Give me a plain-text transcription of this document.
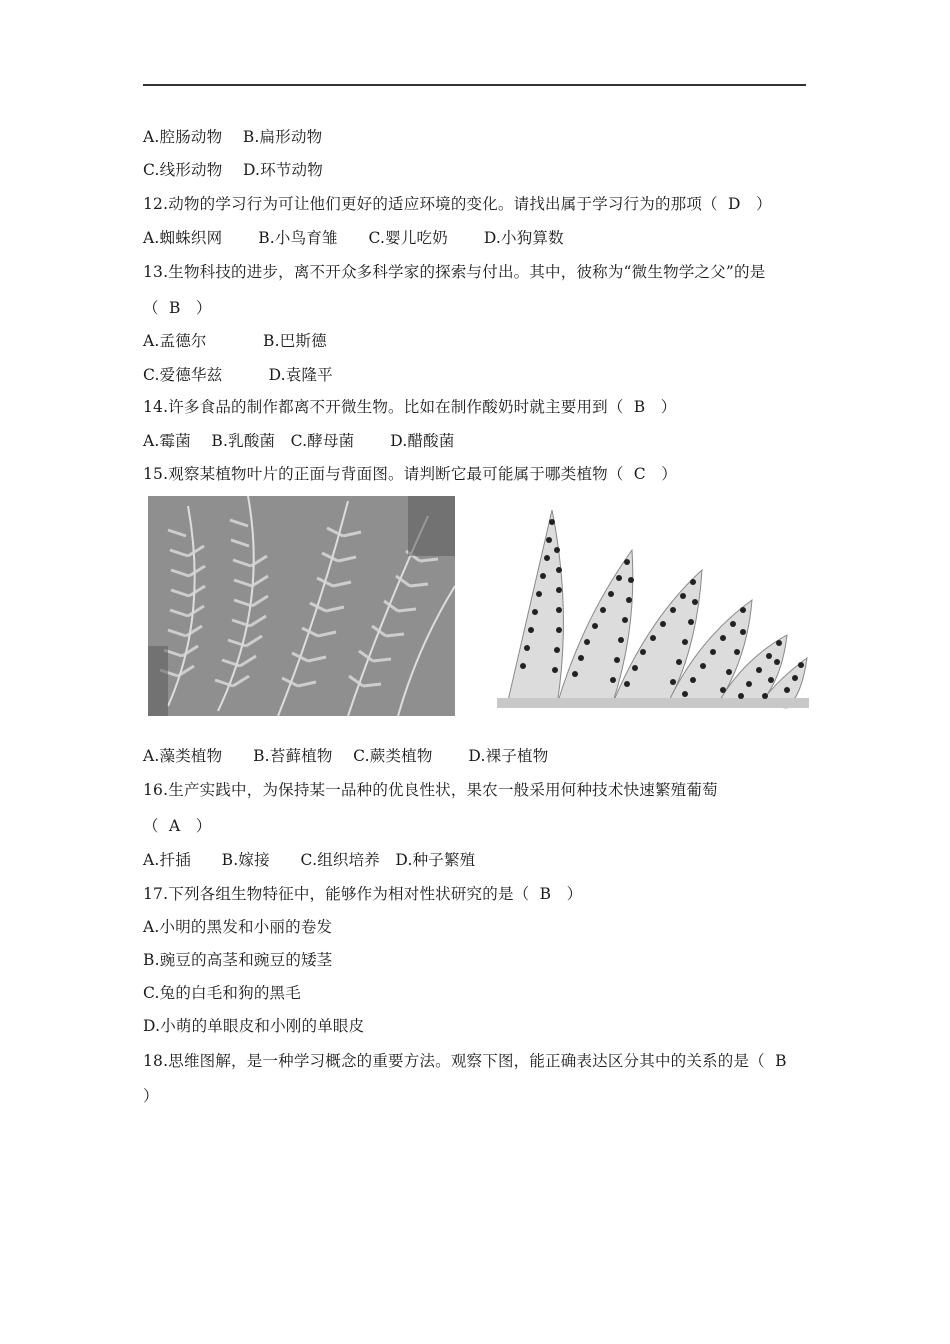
A.腔肠动物    B.扁形动物
C.线形动物    D.环节动物
12.动物的学习行为可让他们更好的适应环境的变化。请找出属于学习行为的那项（  D   ）
A.蜘蛛织网       B.小鸟育雏      C.婴儿吃奶       D.小狗算数
13.生物科技的进步，离不开众多科学家的探索与付出。其中，彼称为“微生物学之父”的是
（  B   ）
A.孟德尔           B.巴斯德
C.爱德华兹         D.袁隆平
14.许多食品的制作都离不开微生物。比如在制作酸奶时就主要用到（  B   ）
A.霉菌    B.乳酸菌   C.酵母菌       D.醋酸菌
15.观察某植物叶片的正面与背面图。请判断它最可能属于哪类植物（  C   ）
A.藻类植物      B.苔藓植物    C.蕨类植物       D.裸子植物
16.生产实践中，为保持某一品种的优良性状，果农一般采用何种技术快速繁殖葡萄
（  A   ）
A.扦插      B.嫁接      C.组织培养   D.种子繁殖
17.下列各组生物特征中，能够作为相对性状研究的是（  B   ）
A.小明的黑发和小丽的卷发
B.豌豆的高茎和豌豆的矮茎
C.兔的白毛和狗的黑毛
D.小萌的单眼皮和小刚的单眼皮
18.思维图解，是一种学习概念的重要方法。观察下图，能正确表达区分其中的关系的是（  B
）
